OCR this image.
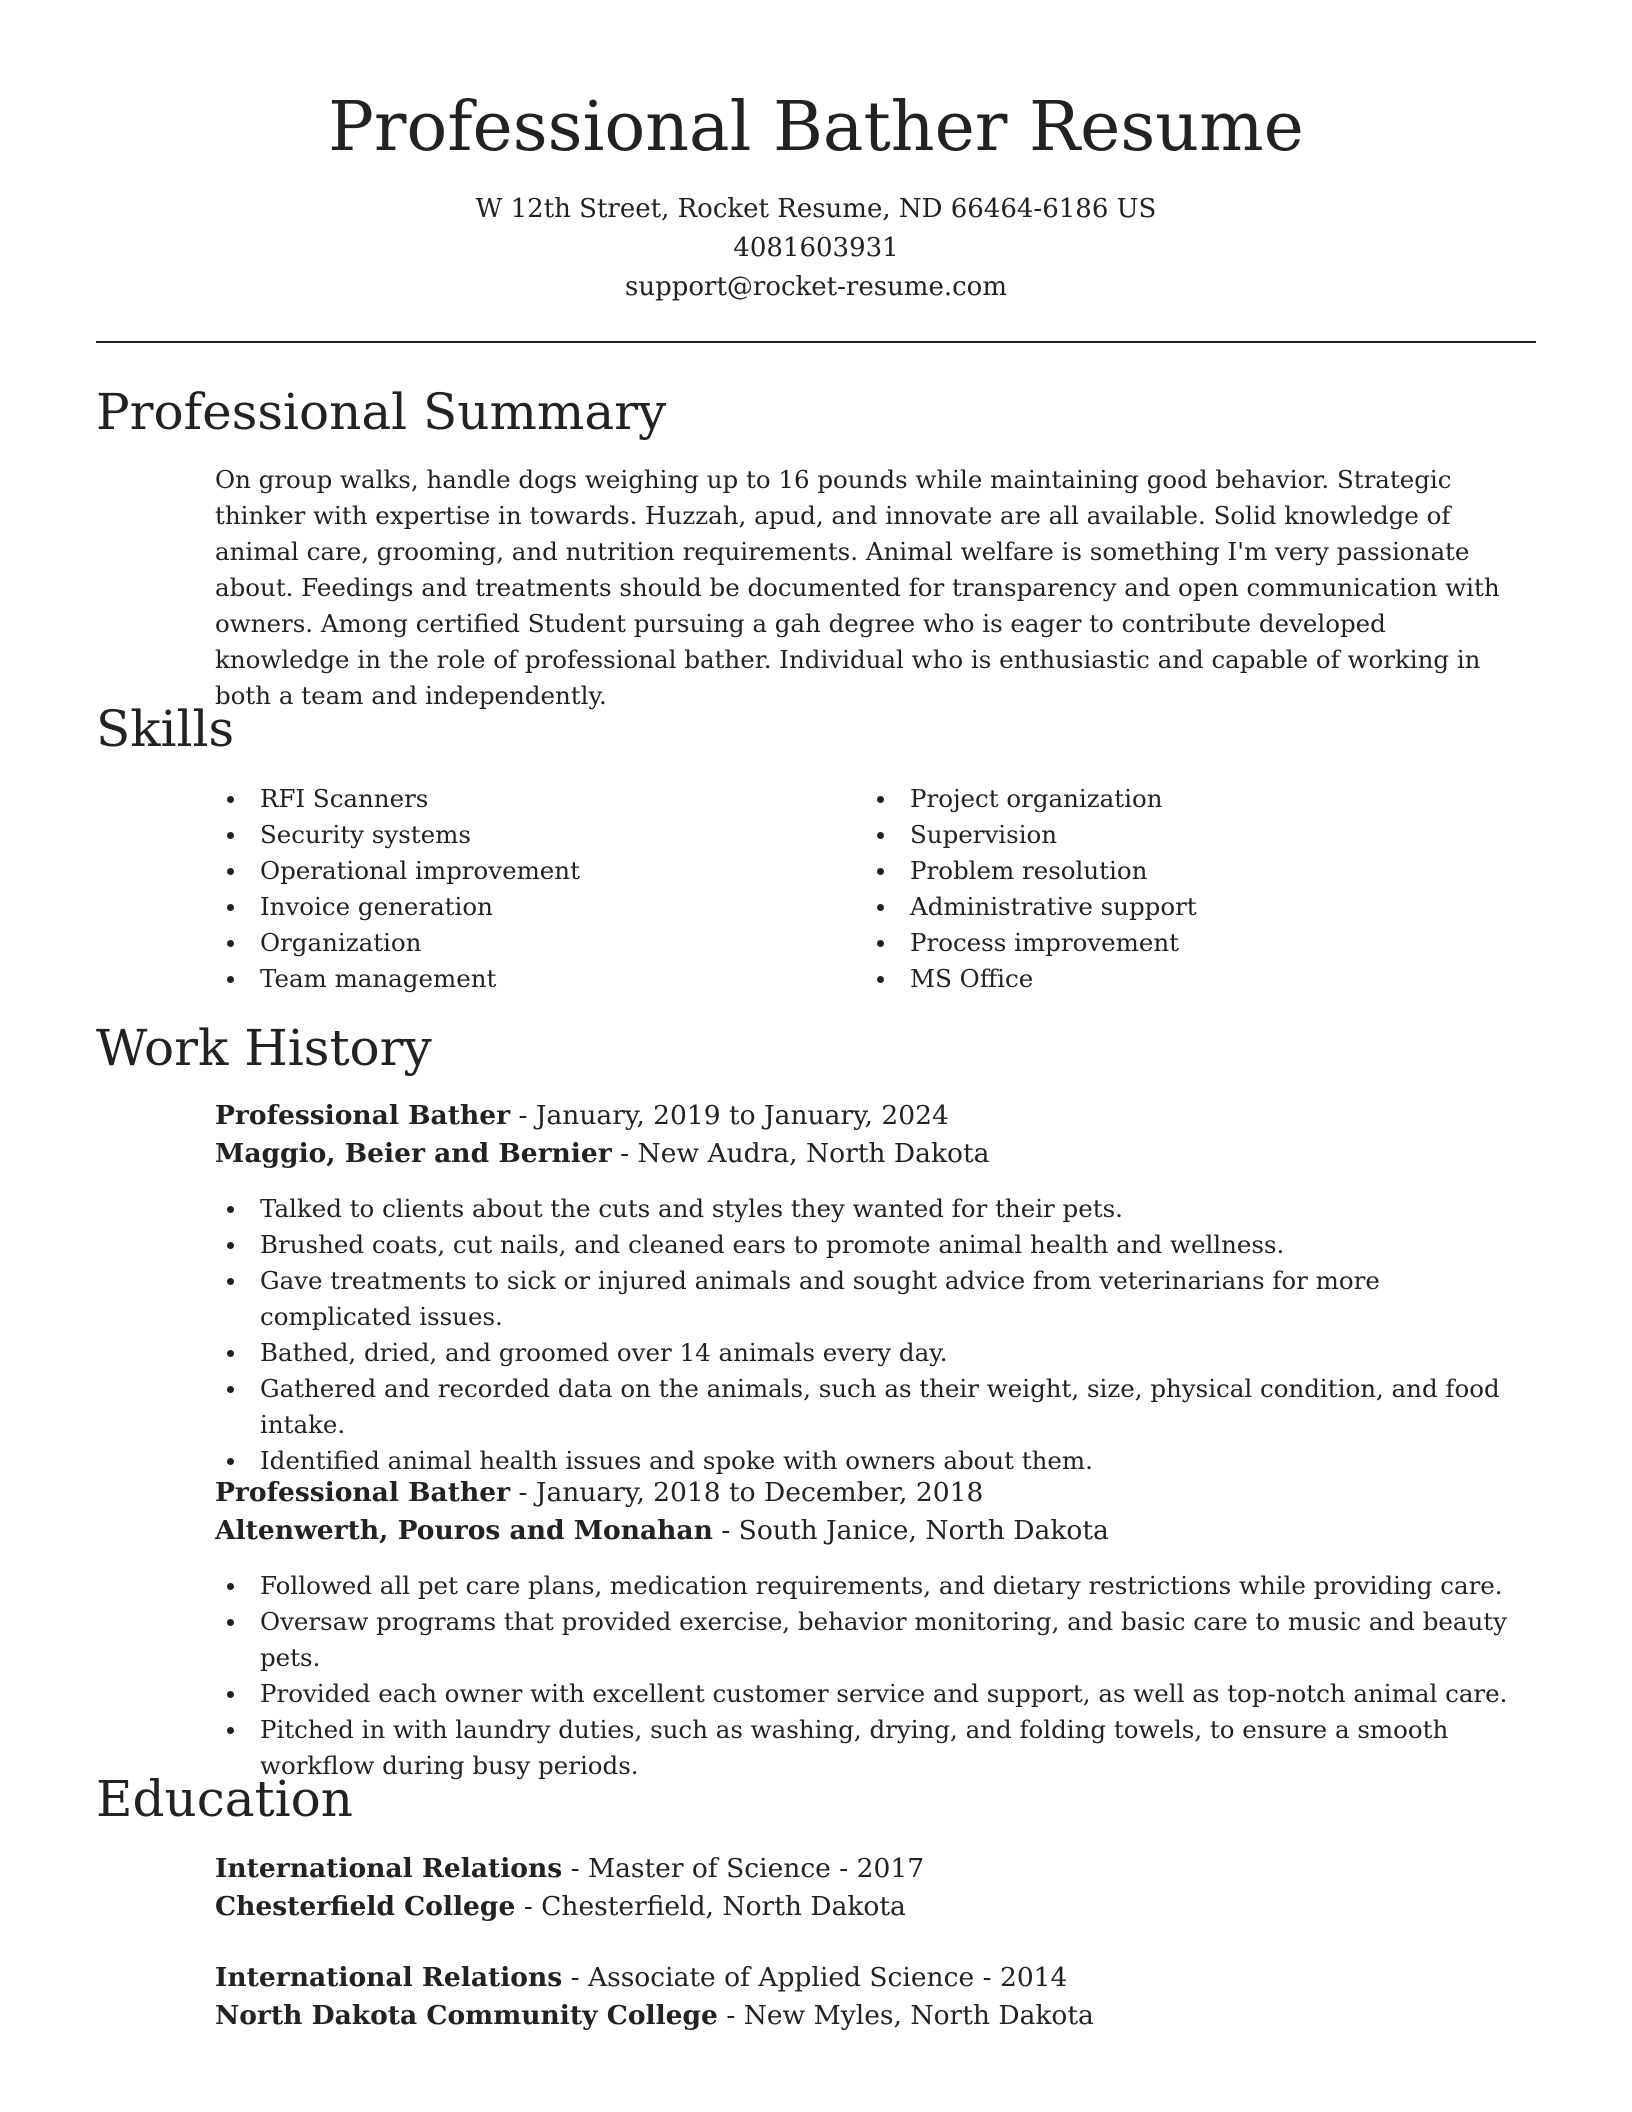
Professional Bather Resume
W 12th Street, Rocket Resume, ND 66464-6186 US
4081603931
support@rocket-resume.com
Professional Summary

On group walks, handle dogs weighing up to 16 pounds while maintaining good behavior. Strategic thinker with expertise in towards. Huzzah, apud, and innovate are all available. Solid knowledge of animal care, grooming, and nutrition requirements. Animal welfare is something I'm very passionate about. Feedings and treatments should be documented for transparency and open communication with owners. Among certified Student pursuing a gah degree who is eager to contribute developed knowledge in the role of professional bather. Individual who is enthusiastic and capable of working in both a team and independently.

Skills
RFI Scanners
Security systems
Operational improvement
Invoice generation
Organization
Team management
Project organization
Supervision
Problem resolution
Administrative support
Process improvement
MS Office
Work History
Professional Bather - January, 2019 to January, 2024
Maggio, Beier and Bernier - New Audra, North Dakota
Talked to clients about the cuts and styles they wanted for their pets.
Brushed coats, cut nails, and cleaned ears to promote animal health and wellness.
Gave treatments to sick or injured animals and sought advice from veterinarians for more complicated issues.
Bathed, dried, and groomed over 14 animals every day.
Gathered and recorded data on the animals, such as their weight, size, physical condition, and food intake.
Identified animal health issues and spoke with owners about them.
Professional Bather - January, 2018 to December, 2018
Altenwerth, Pouros and Monahan - South Janice, North Dakota
Followed all pet care plans, medication requirements, and dietary restrictions while providing care.
Oversaw programs that provided exercise, behavior monitoring, and basic care to music and beauty pets.
Provided each owner with excellent customer service and support, as well as top-notch animal care.
Pitched in with laundry duties, such as washing, drying, and folding towels, to ensure a smooth workflow during busy periods.
Education
International Relations - Master of Science - 2017
Chesterfield College - Chesterfield, North Dakota
International Relations - Associate of Applied Science - 2014
North Dakota Community College - New Myles, North Dakota
